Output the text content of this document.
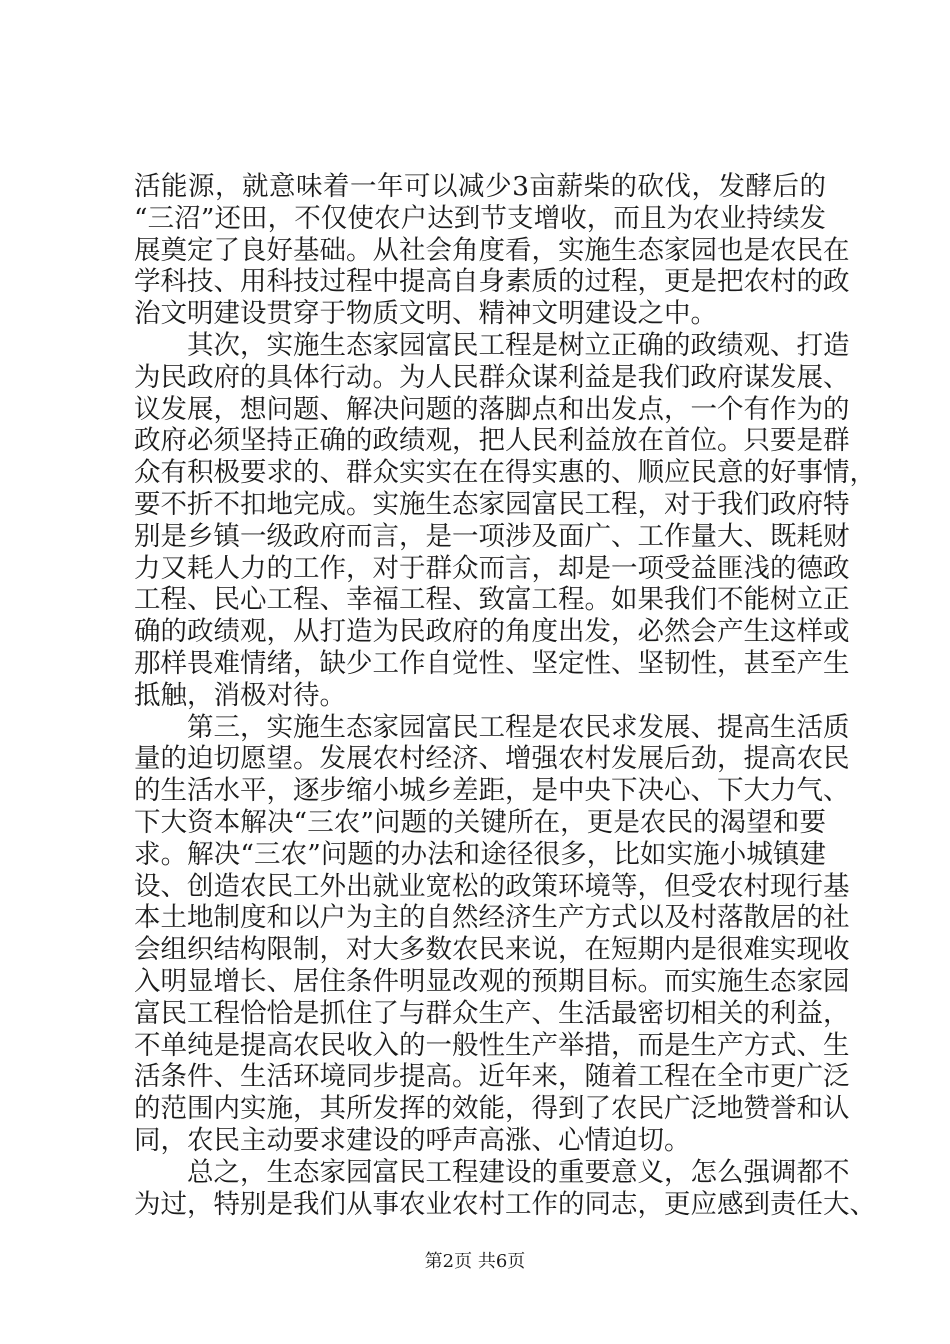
活能源，就意味着一年可以减少3亩薪柴的砍伐，发酵后的
“三沼”还田，不仅使农户达到节支增收，而且为农业持续发
展奠定了良好基础。从社会角度看，实施生态家园也是农民在
学科技、用科技过程中提高自身素质的过程，更是把农村的政
治文明建设贯穿于物质文明、精神文明建设之中。
其次，实施生态家园富民工程是树立正确的政绩观、打造
为民政府的具体行动。为人民群众谋利益是我们政府谋发展、
议发展，想问题、解决问题的落脚点和出发点，一个有作为的
政府必须坚持正确的政绩观，把人民利益放在首位。只要是群
众有积极要求的、群众实实在在得实惠的、顺应民意的好事情，
要不折不扣地完成。实施生态家园富民工程，对于我们政府特
别是乡镇一级政府而言，是一项涉及面广、工作量大、既耗财
力又耗人力的工作，对于群众而言，却是一项受益匪浅的德政
工程、民心工程、幸福工程、致富工程。如果我们不能树立正
确的政绩观，从打造为民政府的角度出发，必然会产生这样或
那样畏难情绪，缺少工作自觉性、坚定性、坚韧性，甚至产生
抵触，消极对待。
第三，实施生态家园富民工程是农民求发展、提高生活质
量的迫切愿望。发展农村经济、增强农村发展后劲，提高农民
的生活水平，逐步缩小城乡差距，是中央下决心、下大力气、
下大资本解决“三农”问题的关键所在，更是农民的渴望和要
求。解决“三农”问题的办法和途径很多，比如实施小城镇建
设、创造农民工外出就业宽松的政策环境等，但受农村现行基
本土地制度和以户为主的自然经济生产方式以及村落散居的社
会组织结构限制，对大多数农民来说，在短期内是很难实现收
入明显增长、居住条件明显改观的预期目标。而实施生态家园
富民工程恰恰是抓住了与群众生产、生活最密切相关的利益，
不单纯是提高农民收入的一般性生产举措，而是生产方式、生
活条件、生活环境同步提高。近年来，随着工程在全市更广泛
的范围内实施，其所发挥的效能，得到了农民广泛地赞誉和认
同，农民主动要求建设的呼声高涨、心情迫切。
总之，生态家园富民工程建设的重要意义，怎么强调都不
为过，特别是我们从事农业农村工作的同志，更应感到责任大、
第2页 共6页
